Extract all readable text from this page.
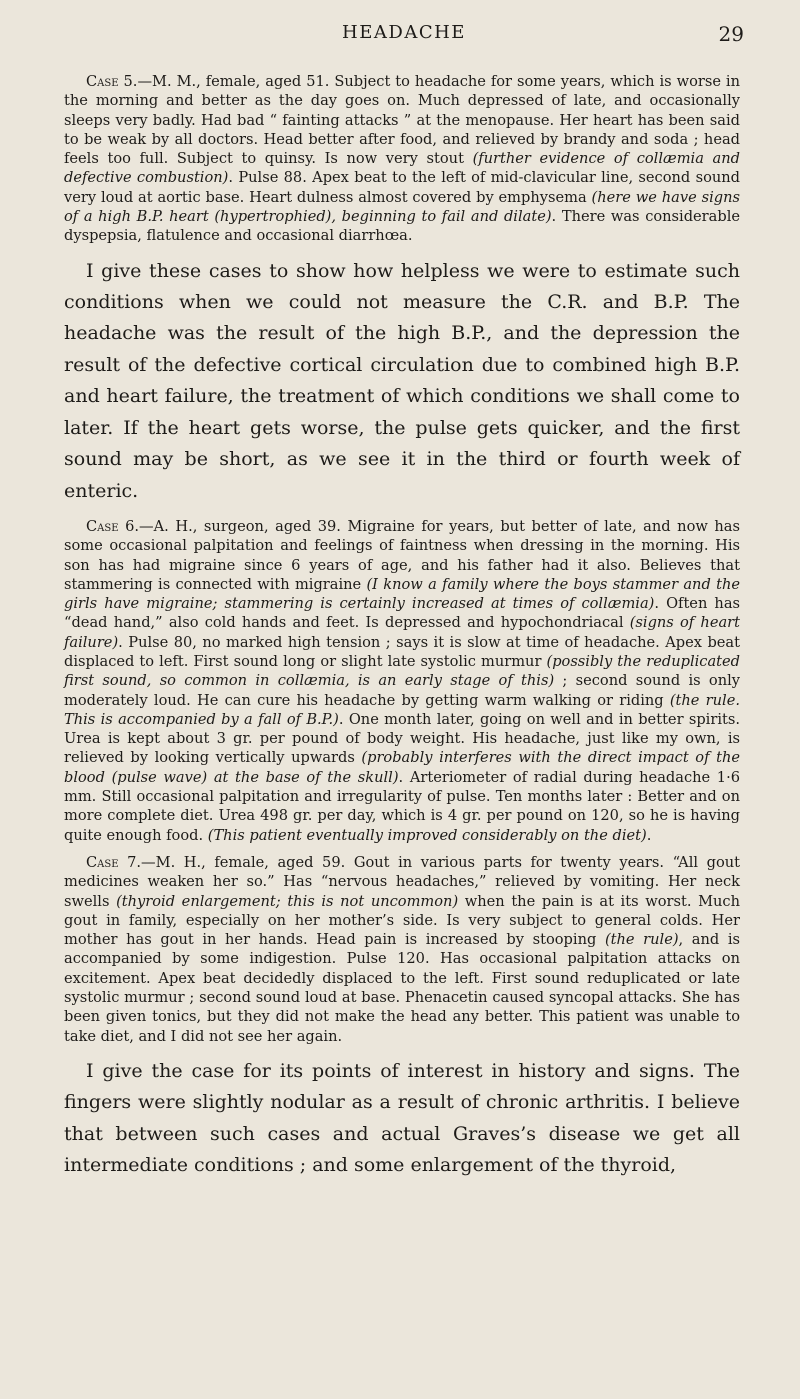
HEADACHE	29

Case 5.—M. M., female, aged 51. Subject to headache for some years, which is worse in the morning and better as the day goes on. Much depressed of late, and occasionally sleeps very badly. Had bad “ fainting attacks ” at the menopause. Her heart has been said to be weak by all doctors. Head better after food, and relieved by brandy and soda ; head feels too full. Subject to quinsy. Is now very stout (further evidence of collæmia and defective combustion). Pulse 88. Apex beat to the left of mid-clavicular line, second sound very loud at aortic base. Heart dulness almost covered by emphysema (here we have signs of a high B.P. heart (hypertrophied), beginning to fail and dilate). There was considerable dyspepsia, flatulence and occasional diarrhœa.

I give these cases to show how helpless we were to estimate such conditions when we could not measure the C.R. and B.P. The headache was the result of the high B.P., and the depression the result of the defective cortical circulation due to combined high B.P. and heart failure, the treatment of which conditions we shall come to later. If the heart gets worse, the pulse gets quicker, and the first sound may be short, as we see it in the third or fourth week of enteric.

Case 6.—A. H., surgeon, aged 39. Migraine for years, but better of late, and now has some occasional palpitation and feelings of faintness when dressing in the morning. His son has had migraine since 6 years of age, and his father had it also. Believes that stammering is connected with migraine (I know a family where the boys stammer and the girls have migraine; stammering is certainly increased at times of collæmia). Often has “dead hand,” also cold hands and feet. Is depressed and hypochondriacal (signs of heart failure). Pulse 80, no marked high tension ; says it is slow at time of headache. Apex beat displaced to left. First sound long or slight late systolic murmur (possibly the reduplicated first sound, so common in collæmia, is an early stage of this) ; second sound is only moderately loud. He can cure his headache by getting warm walking or riding (the rule. This is accompanied by a fall of B.P.). One month later, going on well and in better spirits. Urea is kept about 3 gr. per pound of body weight. His headache, just like my own, is relieved by looking vertically upwards (probably interferes with the direct impact of the blood (pulse wave) at the base of the skull). Arteriometer of radial during headache 1·6 mm. Still occasional palpitation and irregularity of pulse. Ten months later : Better and on more complete diet. Urea 498 gr. per day, which is 4 gr. per pound on 120, so he is having quite enough food. (This patient eventually improved considerably on the diet).

Case 7.—M. H., female, aged 59. Gout in various parts for twenty years. “All gout medicines weaken her so.” Has “nervous headaches,” relieved by vomiting. Her neck swells (thyroid enlargement; this is not uncommon) when the pain is at its worst. Much gout in family, especially on her mother’s side. Is very subject to general colds. Her mother has gout in her hands. Head pain is increased by stooping (the rule), and is accompanied by some indigestion. Pulse 120. Has occasional palpitation attacks on excitement. Apex beat decidedly displaced to the left. First sound reduplicated or late systolic murmur ; second sound loud at base. Phenacetin caused syncopal attacks. She has been given tonics, but they did not make the head any better. This patient was unable to take diet, and I did not see her again.

I give the case for its points of interest in history and signs. The fingers were slightly nodular as a result of chronic arthritis. I believe that between such cases and actual Graves’s disease we get all intermediate conditions ; and some enlargement of the thyroid,
